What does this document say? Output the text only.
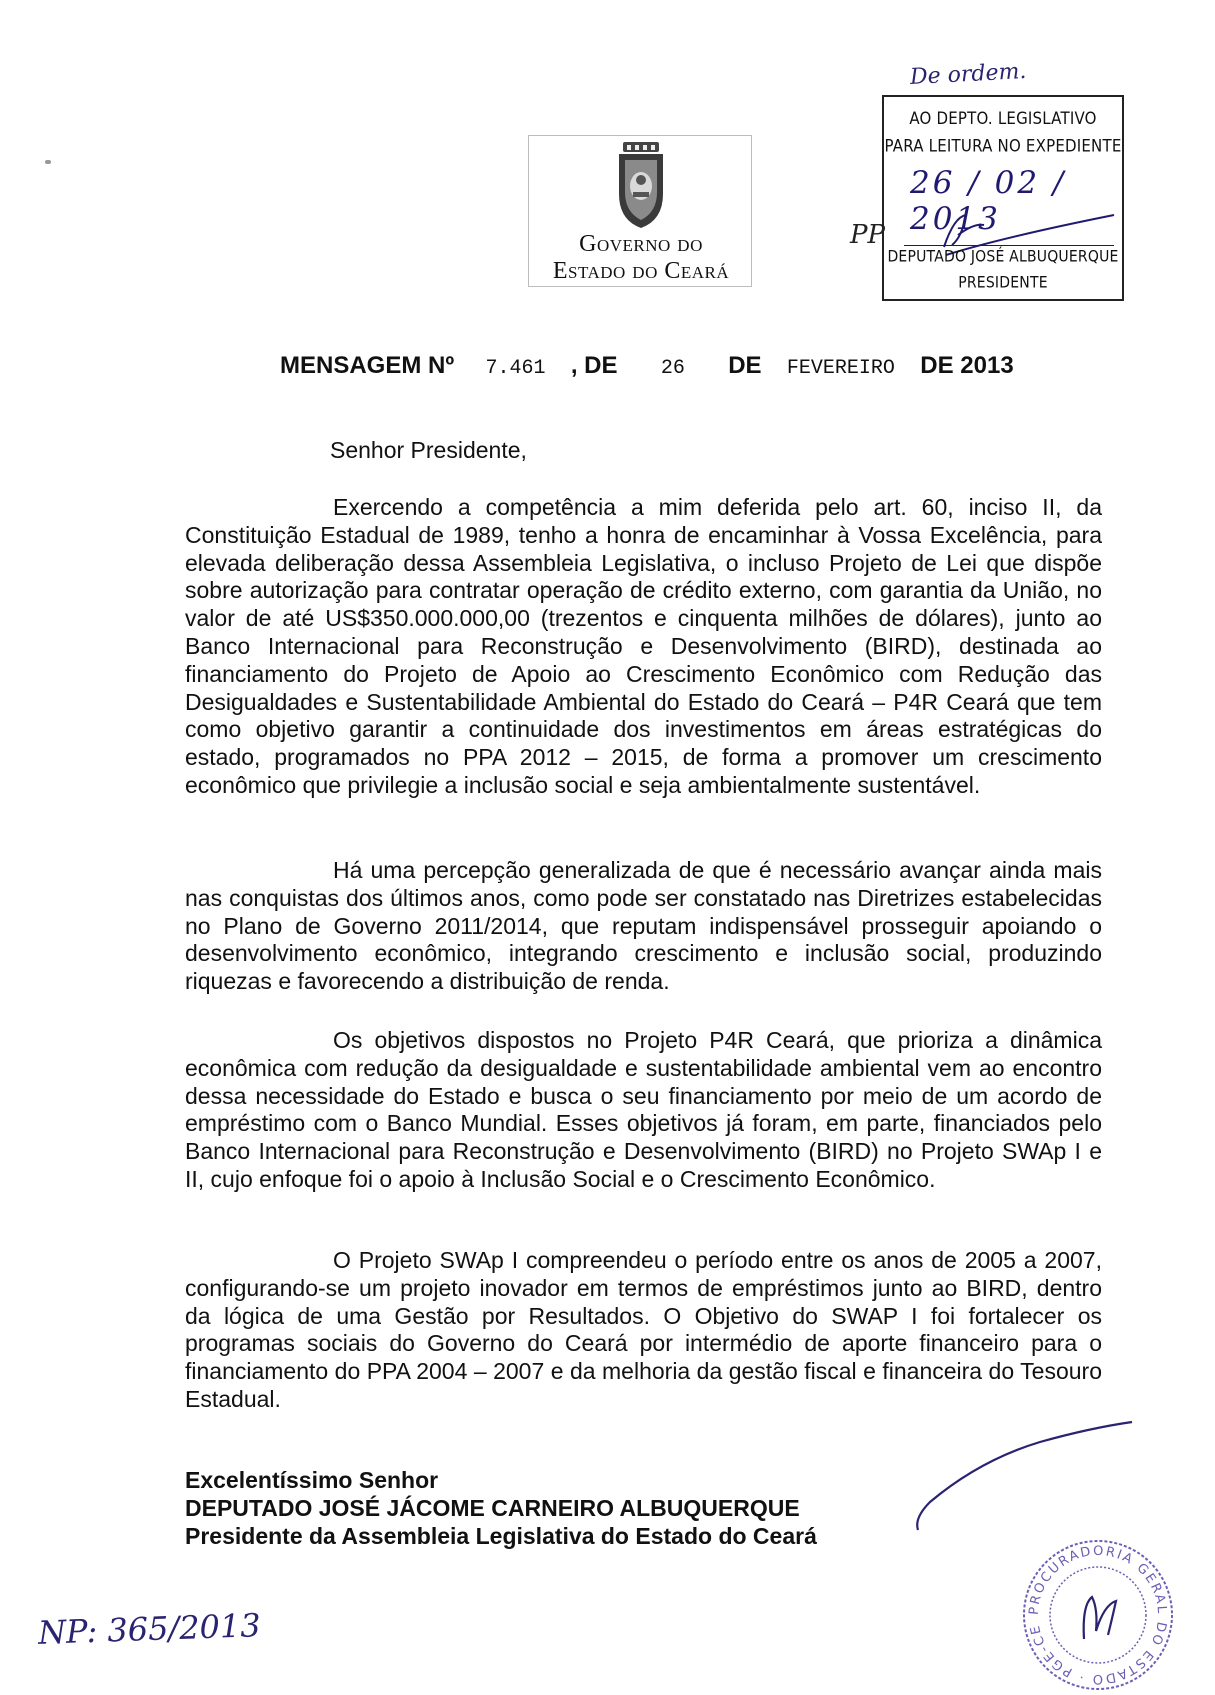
Governo do
Estado do Ceará
De ordem.
AO DEPTO. LEGISLATIVO
PARA LEITURA NO EXPEDIENTE
26 / 02 / 2013
DEPUTADO JOSÉ ALBUQUERQUE
PRESIDENTE
PP
MENSAGEM Nº 7.461 , DE 26 DE FEVEREIRO DE 2013
Senhor Presidente,

Exercendo a competência a mim deferida pelo art. 60, inciso II, da Constituição Estadual de 1989, tenho a honra de encaminhar à Vossa Excelência, para elevada deliberação dessa Assembleia Legislativa, o incluso Projeto de Lei que dispõe sobre autorização para contratar operação de crédito externo, com garantia da União, no valor de até US$350.000.000,00 (trezentos e cinquenta milhões de dólares), junto ao Banco Internacional para Reconstrução e Desenvolvimento (BIRD), destinada ao financiamento do Projeto de Apoio ao Crescimento Econômico com Redução das Desigualdades e Sustentabilidade Ambiental do Estado do Ceará – P4R Ceará que tem como objetivo garantir a continuidade dos investimentos em áreas estratégicas do estado, programados no PPA 2012 – 2015, de forma a promover um crescimento econômico que privilegie a inclusão social e seja ambientalmente sustentável.

Há uma percepção generalizada de que é necessário avançar ainda mais nas conquistas dos últimos anos, como pode ser constatado nas Diretrizes estabelecidas no Plano de Governo 2011/2014, que reputam indispensável prosseguir apoiando o desenvolvimento econômico, integrando crescimento e inclusão social, produzindo riquezas e favorecendo a distribuição de renda.

Os objetivos dispostos no Projeto P4R Ceará, que prioriza a dinâmica econômica com redução da desigualdade e sustentabilidade ambiental vem ao encontro dessa necessidade do Estado e busca o seu financiamento por meio de um acordo de empréstimo com o Banco Mundial. Esses objetivos já foram, em parte, financiados pelo Banco Internacional para Reconstrução e Desenvolvimento (BIRD) no Projeto SWAp I e II, cujo enfoque foi o apoio à Inclusão Social e o Crescimento Econômico.

O Projeto SWAp I compreendeu o período entre os anos de 2005 a 2007, configurando-se um projeto inovador em termos de empréstimos junto ao BIRD, dentro da lógica de uma Gestão por Resultados. O Objetivo do SWAP I foi fortalecer os programas sociais do Governo do Ceará por intermédio de aporte financeiro para o financiamento do PPA 2004 – 2007 e da melhoria da gestão fiscal e financeira do Tesouro Estadual.

Excelentíssimo Senhor
DEPUTADO JOSÉ JÁCOME CARNEIRO ALBUQUERQUE
Presidente da Assembleia Legislativa do Estado do Ceará
NP: 365/2013	PROCURADORIA GERAL DO ESTADO · PGE-CE
